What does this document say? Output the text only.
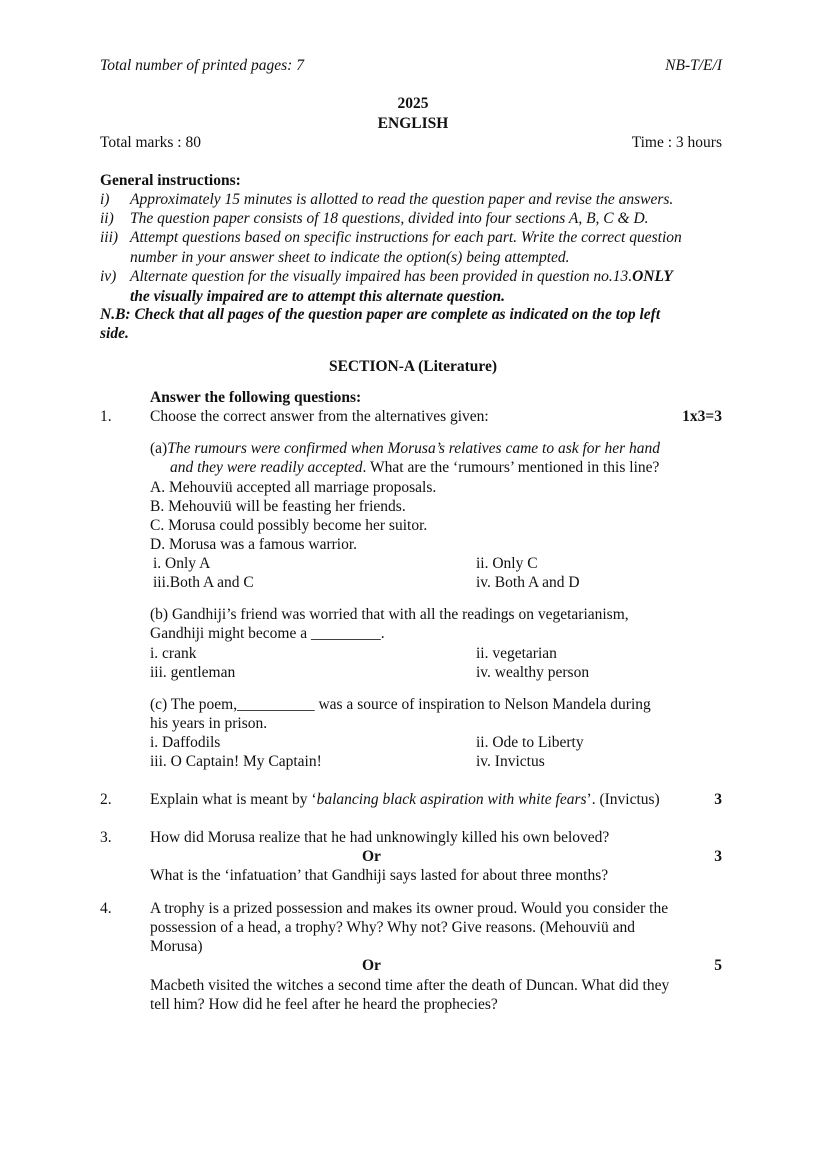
Total number of printed pages: 7	NB-T/E/I
2025
ENGLISH
Total marks : 80	Time : 3 hours
General instructions:
i) Approximately 15 minutes is allotted to read the question paper and revise the answers.
ii) The question paper consists of 18 questions, divided into four sections A, B, C & D.
iii) Attempt questions based on specific instructions for each part. Write the correct question
number in your answer sheet to indicate the option(s) being attempted.
iv) Alternate question for the visually impaired has been provided in question no.13.ONLY
the visually impaired are to attempt this alternate question.
N.B: Check that all pages of the question paper are complete as indicated on the top left
side.
SECTION-A (Literature)
Answer the following questions:
1. Choose the correct answer from the alternatives given:	1x3=3
(a)The rumours were confirmed when Morusa’s relatives came to ask for her hand
and they were readily accepted. What are the ‘rumours’ mentioned in this line?
A. Mehouviü accepted all marriage proposals.
B. Mehouviü will be feasting her friends.
C. Morusa could possibly become her suitor.
D. Morusa was a famous warrior.
i. Only A	ii. Only C
iii.Both A and C	iv. Both A and D
(b) Gandhiji’s friend was worried that with all the readings on vegetarianism,
Gandhiji might become a _________.
i. crank	ii. vegetarian
iii. gentleman	iv. wealthy person
(c) The poem,__________ was a source of inspiration to Nelson Mandela during
his years in prison.
i. Daffodils	ii. Ode to Liberty
iii. O Captain! My Captain!	iv. Invictus
2. Explain what is meant by ‘balancing black aspiration with white fears’. (Invictus)	3
3. How did Morusa realize that he had unknowingly killed his own beloved?
Or	3
What is the ‘infatuation’ that Gandhiji says lasted for about three months?
4. A trophy is a prized possession and makes its owner proud. Would you consider the
possession of a head, a trophy? Why? Why not? Give reasons. (Mehouviü and
Morusa)
Or	5
Macbeth visited the witches a second time after the death of Duncan. What did they
tell him? How did he feel after he heard the prophecies?
